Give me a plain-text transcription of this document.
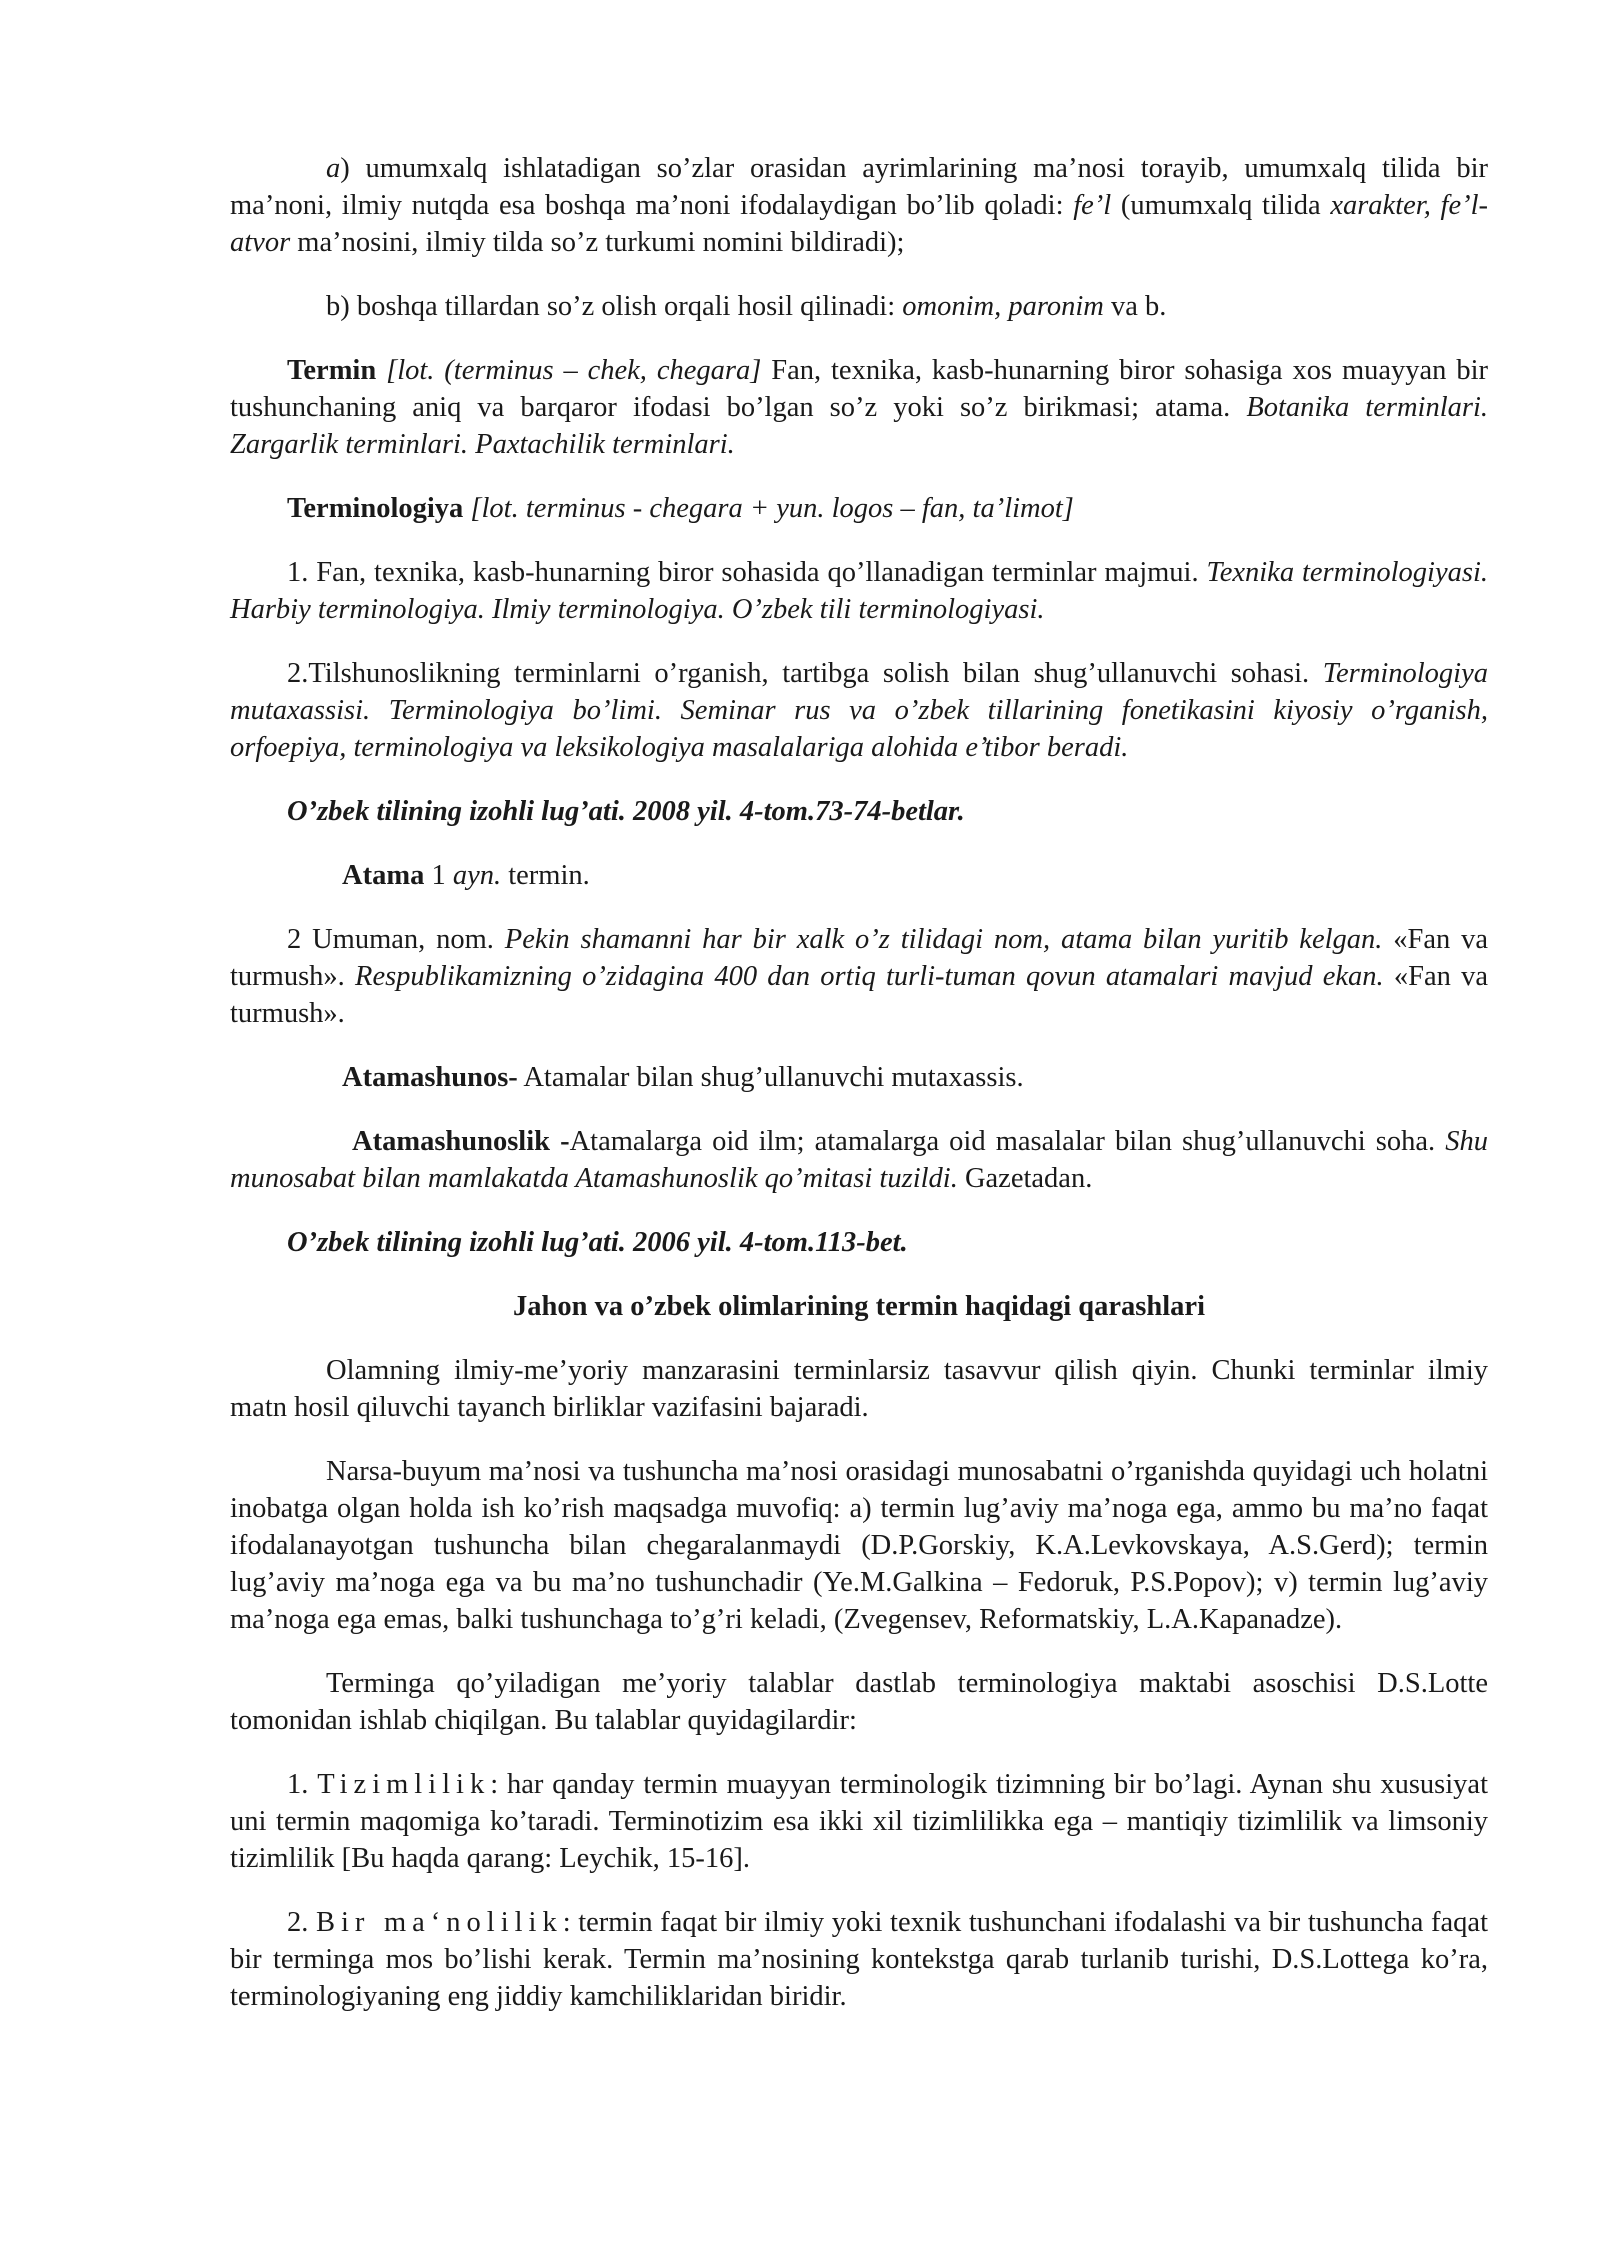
a) umumxalq ishlatadigan so’zlar orasidan ayrimlarining ma’nosi torayib, umumxalq tilida bir ma’noni, ilmiy nutqda esa boshqa ma’noni ifodalaydigan bo’lib qoladi: fe’l (umumxalq tilida xarakter, fe’l-atvor ma’nosini, ilmiy tilda so’z turkumi nomini bildiradi);

b) boshqa tillardan so’z olish orqali hosil qilinadi: omonim, paronim va b.

Termin [lot. (terminus – chek, chegara] Fan, texnika, kasb-hunarning biror sohasiga xos muayyan bir tushunchaning aniq va barqaror ifodasi bo’lgan so’z yoki so’z birikmasi; atama. Botanika terminlari. Zargarlik terminlari. Paxtachilik terminlari.

Terminologiya [lot. terminus - chegara + yun. logos – fan, ta’limot]

1. Fan, texnika, kasb-hunarning biror sohasida qo’llanadigan terminlar majmui. Texnika terminologiyasi. Harbiy terminologiya. Ilmiy terminologiya. O’zbek tili terminologiyasi.

2.Tilshunoslikning terminlarni o’rganish, tartibga solish bilan shug’ullanuvchi sohasi. Terminologiya mutaxassisi. Terminologiya bo’limi. Seminar rus va o’zbek tillarining fonetikasini kiyosiy o’rganish, orfoepiya, terminologiya va leksikologiya masalalariga alohida e’tibor beradi.

O’zbek tilining izohli lug’ati. 2008 yil. 4-tom.73-74-betlar.

Atama 1 ayn. termin.

2 Umuman, nom. Pekin shamanni har bir xalk o’z tilidagi nom, atama bilan yuritib kelgan. «Fan va turmush». Respublikamizning o’zidagina 400 dan ortiq turli-tuman qovun atamalari mavjud ekan. «Fan va turmush».

Atamashunos- Atamalar bilan shug’ullanuvchi mutaxassis.

Atamashunoslik -Atamalarga oid ilm; atamalarga oid masalalar bilan shug’ullanuvchi soha. Shu munosabat bilan mamlakatda Atamashunoslik qo’mitasi tuzildi. Gazetadan.

O’zbek tilining izohli lug’ati. 2006 yil. 4-tom.113-bet.

Jahon va o’zbek olimlarining termin haqidagi qarashlari

Olamning ilmiy-me’yoriy manzarasini terminlarsiz tasavvur qilish qiyin. Chunki terminlar ilmiy matn hosil qiluvchi tayanch birliklar vazifasini bajaradi.

Narsa-buyum ma’nosi va tushuncha ma’nosi orasidagi munosabatni o’rganishda quyidagi uch holatni inobatga olgan holda ish ko’rish maqsadga muvofiq: a) termin lug’aviy ma’noga ega, ammo bu ma’no faqat ifodalanayotgan tushuncha bilan chegaralanmaydi (D.P.Gorskiy, K.A.Levkovskaya, A.S.Gerd); termin lug’aviy ma’noga ega va bu ma’no tushunchadir (Ye.M.Galkina – Fedoruk, P.S.Popov); v) termin lug’aviy ma’noga ega emas, balki tushunchaga to’g’ri keladi, (Zvegensev, Reformatskiy, L.A.Kapanadze).

Terminga qo’yiladigan me’yoriy talablar dastlab terminologiya maktabi asoschisi D.S.Lotte tomonidan ishlab chiqilgan. Bu talablar quyidagilardir:

1. Tizimlilik: har qanday termin muayyan terminologik tizimning bir bo’lagi. Aynan shu xususiyat uni termin maqomiga ko’taradi. Terminotizim esa ikki xil tizimlilikka ega – mantiqiy tizimlilik va limsoniy tizimlilik [Bu haqda qarang: Leychik, 15-16].

2. Bir ma‘nolilik: termin faqat bir ilmiy yoki texnik tushunchani ifodalashi va bir tushuncha faqat bir terminga mos bo’lishi kerak. Termin ma’nosining kontekstga qarab turlanib turishi, D.S.Lottega ko’ra, terminologiyaning eng jiddiy kamchiliklaridan biridir.
